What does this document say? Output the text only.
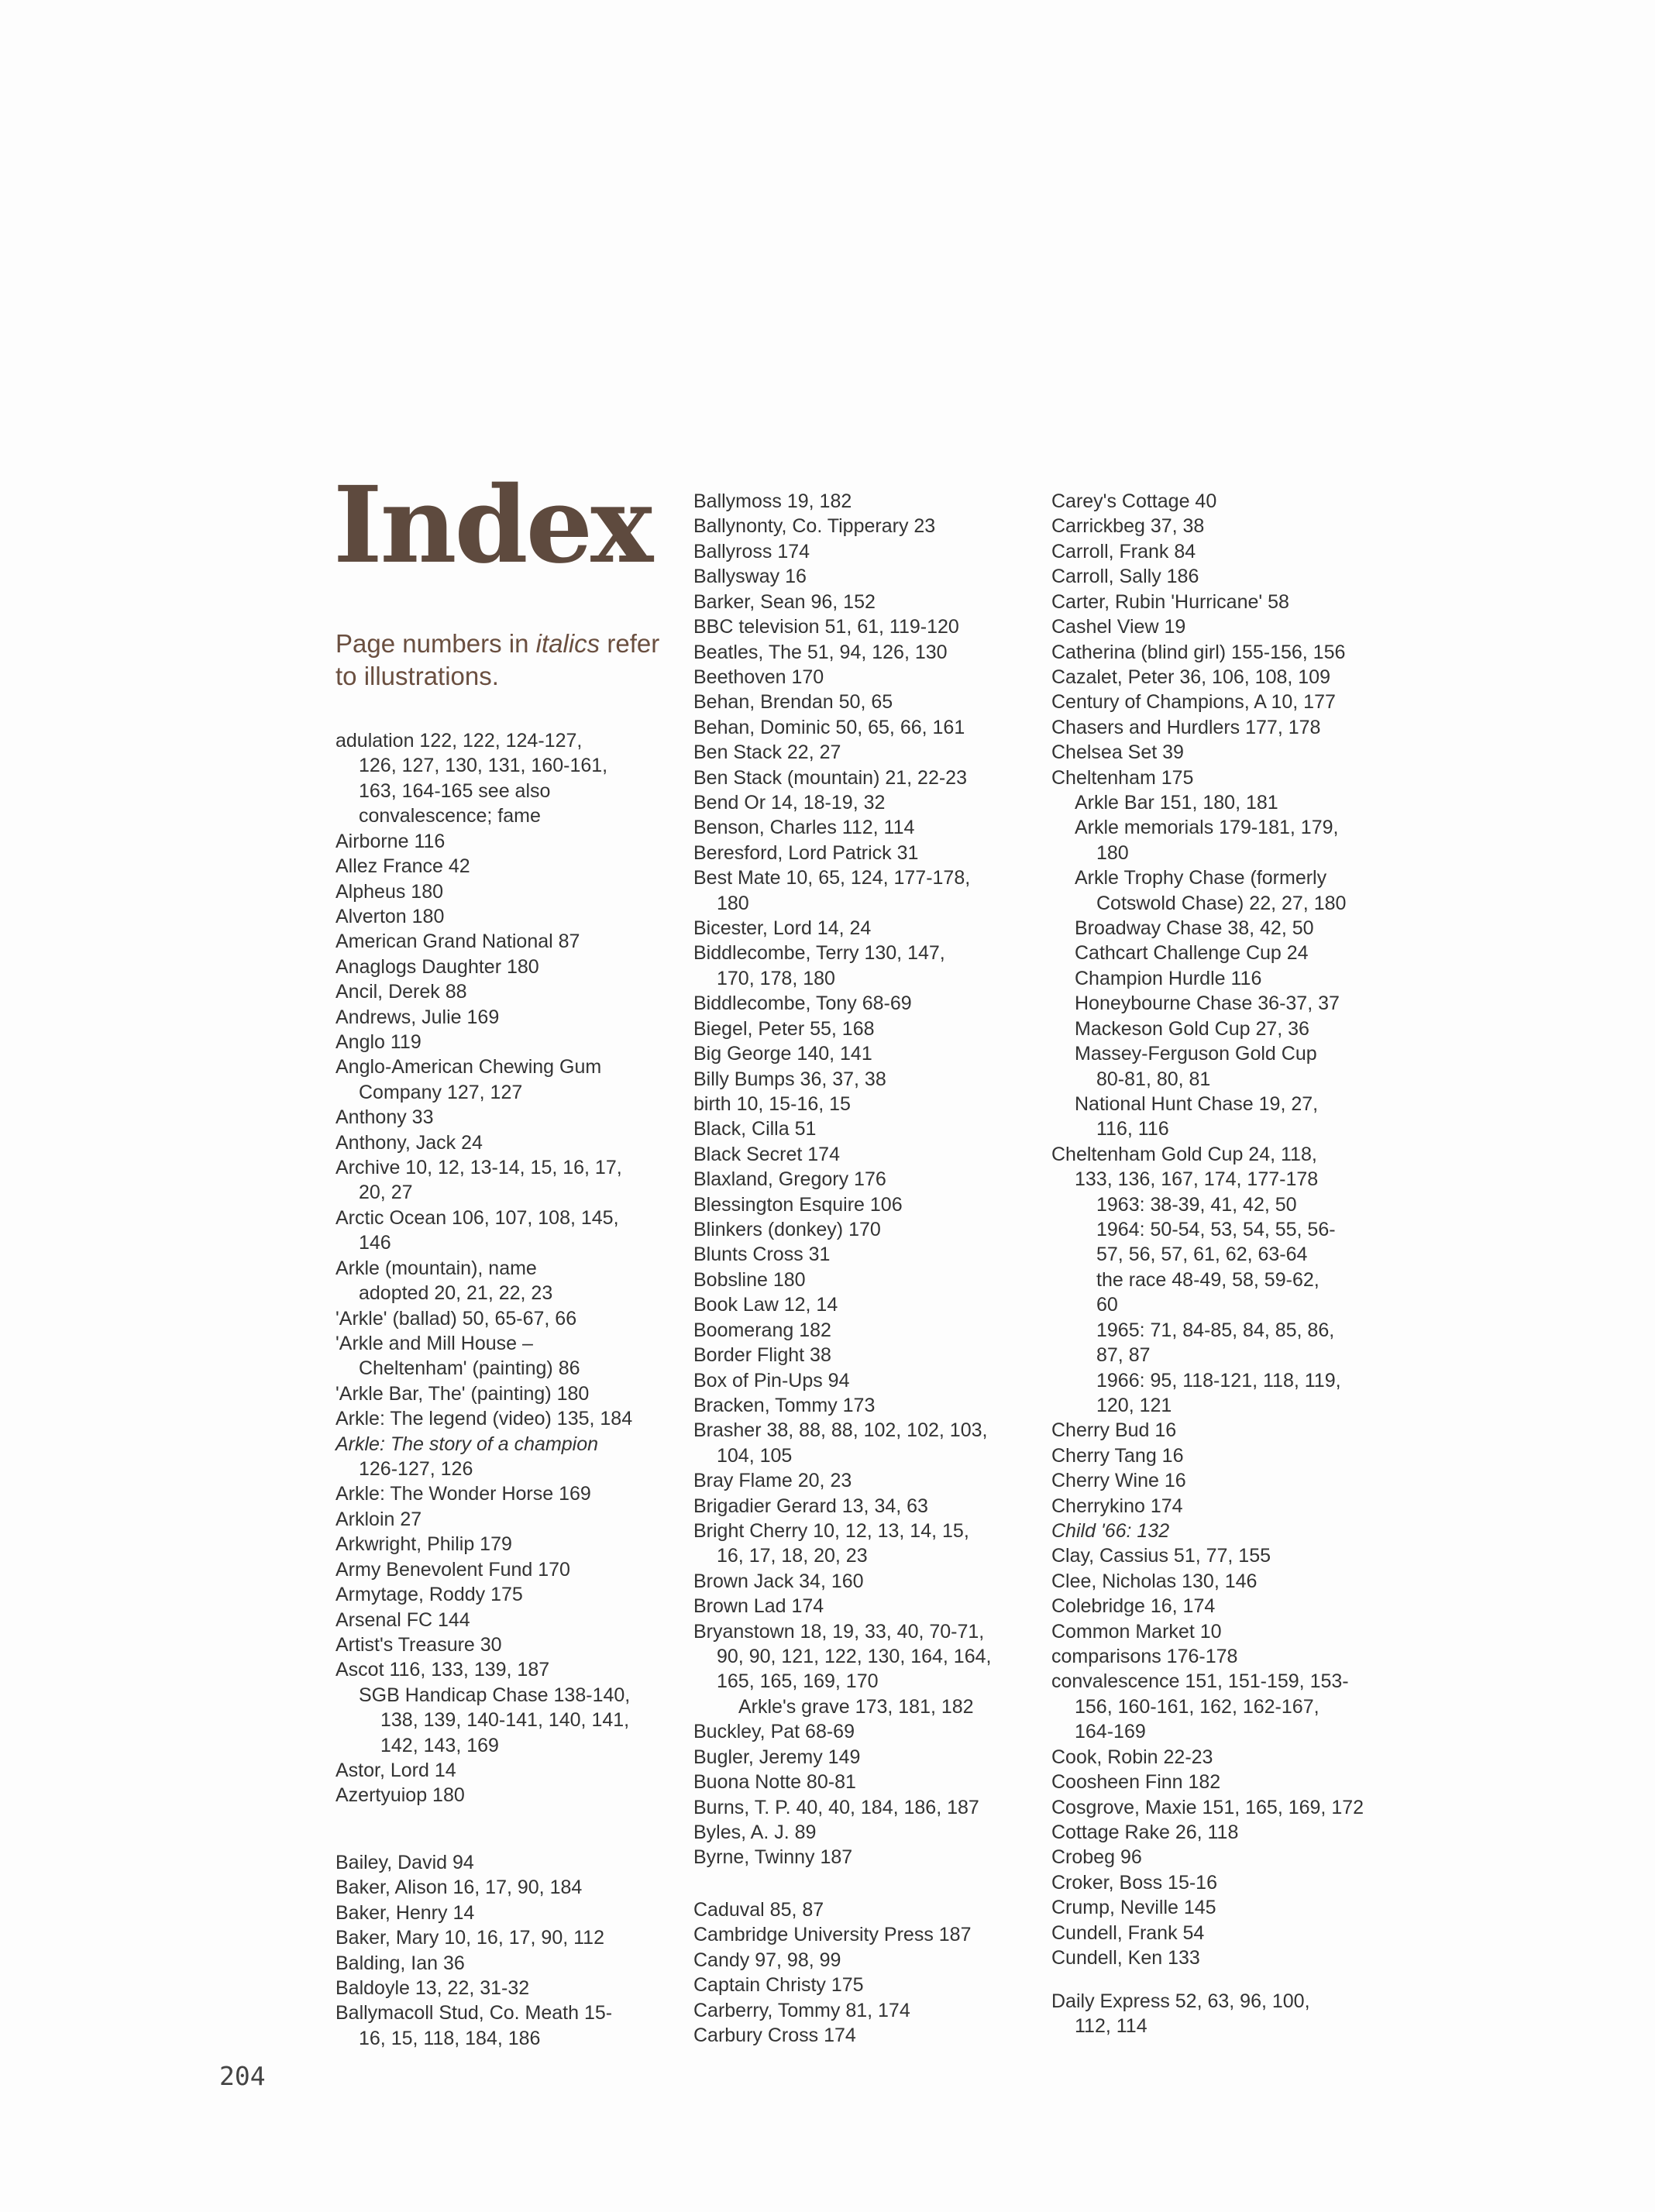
Index
Page numbers in italics refer to illustrations.
adulation 122, 122, 124-127,
126, 127, 130, 131, 160-161,
163, 164-165 see also
convalescence; fame
Airborne 116
Allez France 42
Alpheus 180
Alverton 180
American Grand National 87
Anaglogs Daughter 180
Ancil, Derek 88
Andrews, Julie 169
Anglo 119
Anglo-American Chewing Gum
Company 127, 127
Anthony 33
Anthony, Jack 24
Archive 10, 12, 13-14, 15, 16, 17,
20, 27
Arctic Ocean 106, 107, 108, 145,
146
Arkle (mountain), name
adopted 20, 21, 22, 23
'Arkle' (ballad) 50, 65-67, 66
'Arkle and Mill House –
Cheltenham' (painting) 86
'Arkle Bar, The' (painting) 180
Arkle: The legend (video) 135, 184
Arkle: The story of a champion
126-127, 126
Arkle: The Wonder Horse 169
Arkloin 27
Arkwright, Philip 179
Army Benevolent Fund 170
Armytage, Roddy 175
Arsenal FC 144
Artist's Treasure 30
Ascot 116, 133, 139, 187
SGB Handicap Chase 138-140,
138, 139, 140-141, 140, 141,
142, 143, 169
Astor, Lord 14
Azertyuiop 180
Bailey, David 94
Baker, Alison 16, 17, 90, 184
Baker, Henry 14
Baker, Mary 10, 16, 17, 90, 112
Balding, Ian 36
Baldoyle 13, 22, 31-32
Ballymacoll Stud, Co. Meath 15-
16, 15, 118, 184, 186
Ballymoss 19, 182
Ballynonty, Co. Tipperary 23
Ballyross 174
Ballysway 16
Barker, Sean 96, 152
BBC television 51, 61, 119-120
Beatles, The 51, 94, 126, 130
Beethoven 170
Behan, Brendan 50, 65
Behan, Dominic 50, 65, 66, 161
Ben Stack 22, 27
Ben Stack (mountain) 21, 22-23
Bend Or 14, 18-19, 32
Benson, Charles 112, 114
Beresford, Lord Patrick 31
Best Mate 10, 65, 124, 177-178,
180
Bicester, Lord 14, 24
Biddlecombe, Terry 130, 147,
170, 178, 180
Biddlecombe, Tony 68-69
Biegel, Peter 55, 168
Big George 140, 141
Billy Bumps 36, 37, 38
birth 10, 15-16, 15
Black, Cilla 51
Black Secret 174
Blaxland, Gregory 176
Blessington Esquire 106
Blinkers (donkey) 170
Blunts Cross 31
Bobsline 180
Book Law 12, 14
Boomerang 182
Border Flight 38
Box of Pin-Ups 94
Bracken, Tommy 173
Brasher 38, 88, 88, 102, 102, 103,
104, 105
Bray Flame 20, 23
Brigadier Gerard 13, 34, 63
Bright Cherry 10, 12, 13, 14, 15,
16, 17, 18, 20, 23
Brown Jack 34, 160
Brown Lad 174
Bryanstown 18, 19, 33, 40, 70-71,
90, 90, 121, 122, 130, 164, 164,
165, 165, 169, 170
Arkle's grave 173, 181, 182
Buckley, Pat 68-69
Bugler, Jeremy 149
Buona Notte 80-81
Burns, T. P. 40, 40, 184, 186, 187
Byles, A. J. 89
Byrne, Twinny 187
Caduval 85, 87
Cambridge University Press 187
Candy 97, 98, 99
Captain Christy 175
Carberry, Tommy 81, 174
Carbury Cross 174
Carey's Cottage 40
Carrickbeg 37, 38
Carroll, Frank 84
Carroll, Sally 186
Carter, Rubin 'Hurricane' 58
Cashel View 19
Catherina (blind girl) 155-156, 156
Cazalet, Peter 36, 106, 108, 109
Century of Champions, A 10, 177
Chasers and Hurdlers 177, 178
Chelsea Set 39
Cheltenham 175
Arkle Bar 151, 180, 181
Arkle memorials 179-181, 179,
180
Arkle Trophy Chase (formerly
Cotswold Chase) 22, 27, 180
Broadway Chase 38, 42, 50
Cathcart Challenge Cup 24
Champion Hurdle 116
Honeybourne Chase 36-37, 37
Mackeson Gold Cup 27, 36
Massey-Ferguson Gold Cup
80-81, 80, 81
National Hunt Chase 19, 27,
116, 116
Cheltenham Gold Cup 24, 118,
133, 136, 167, 174, 177-178
1963: 38-39, 41, 42, 50
1964: 50-54, 53, 54, 55, 56-
57, 56, 57, 61, 62, 63-64
the race 48-49, 58, 59-62,
60
1965: 71, 84-85, 84, 85, 86,
87, 87
1966: 95, 118-121, 118, 119,
120, 121
Cherry Bud 16
Cherry Tang 16
Cherry Wine 16
Cherrykino 174
Child '66: 132
Clay, Cassius 51, 77, 155
Clee, Nicholas 130, 146
Colebridge 16, 174
Common Market 10
comparisons 176-178
convalescence 151, 151-159, 153-
156, 160-161, 162, 162-167,
164-169
Cook, Robin 22-23
Coosheen Finn 182
Cosgrove, Maxie 151, 165, 169, 172
Cottage Rake 26, 118
Crobeg 96
Croker, Boss 15-16
Crump, Neville 145
Cundell, Frank 54
Cundell, Ken 133
Daily Express 52, 63, 96, 100,
112, 114
204
